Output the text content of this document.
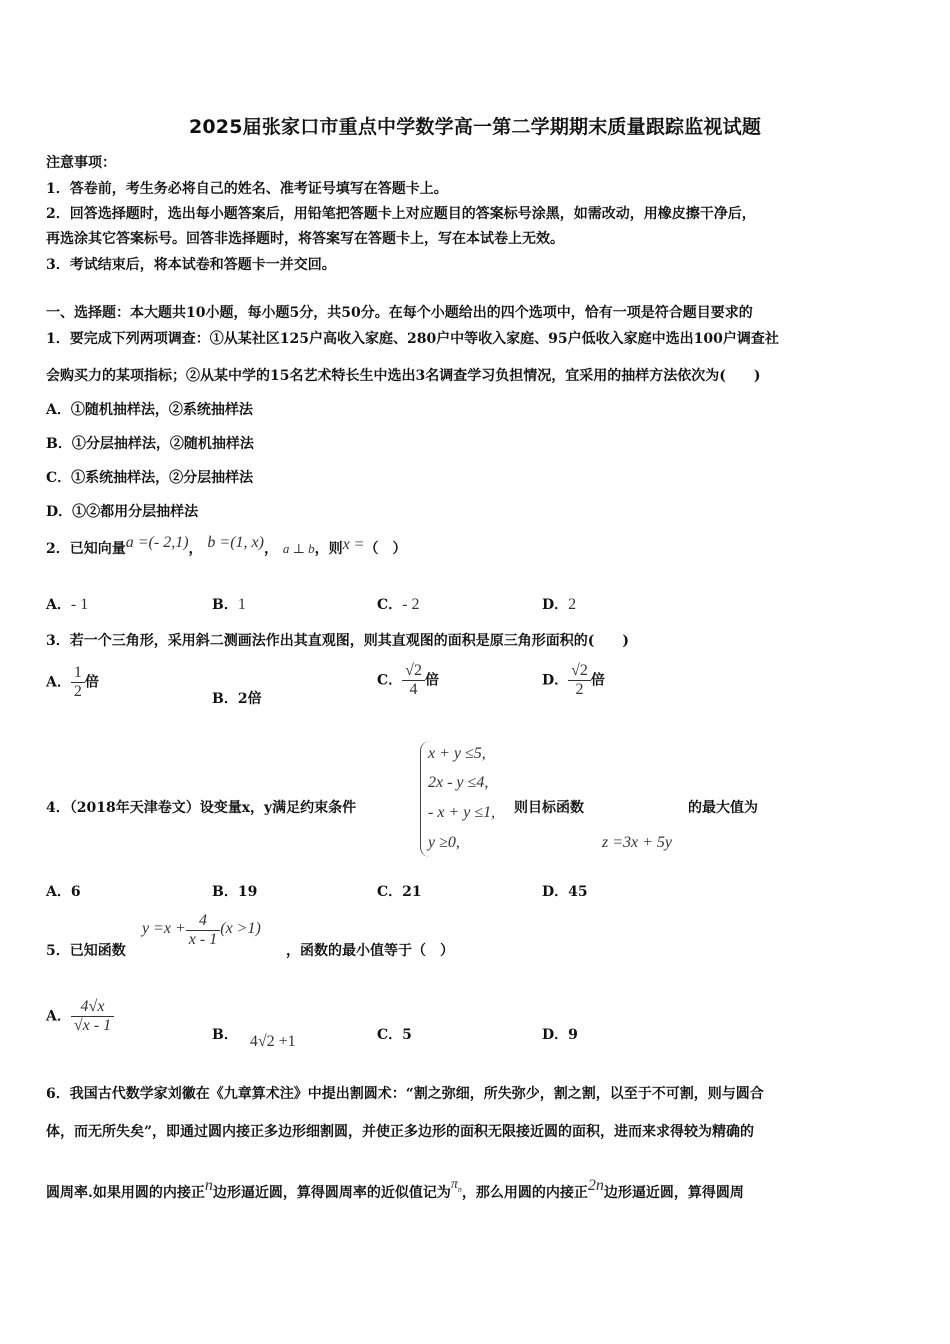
2025届张家口市重点中学数学高一第二学期期末质量跟踪监视试题
注意事项：
1．答卷前，考生务必将自己的姓名、准考证号填写在答题卡上。
2．回答选择题时，选出每小题答案后，用铅笔把答题卡上对应题目的答案标号涂黑，如需改动，用橡皮擦干净后，
再选涂其它答案标号。回答非选择题时，将答案写在答题卡上，写在本试卷上无效。
3．考试结束后，将本试卷和答题卡一并交回。
一、选择题：本大题共10小题，每小题5分，共50分。在每个小题给出的四个选项中，恰有一项是符合题目要求的
1．要完成下列两项调查：①从某社区125户高收入家庭、280户中等收入家庭、95户低收入家庭中选出100户调查社
会购买力的某项指标；②从某中学的15名艺术特长生中选出3名调查学习负担情况，宜采用的抽样方法依次为(　　)
A．①随机抽样法，②系统抽样法
B．①分层抽样法，②随机抽样法
C．①系统抽样法，②分层抽样法
D．①②都用分层抽样法
2．已知向量a =(- 2,1)， b =(1, x)， a ⊥ b，则x =（　）
A．- 1	B．1	C．- 2	D．2
3．若一个三角形，采用斜二测画法作出其直观图，则其直观图的面积是原三角形面积的(　　)
A． $\frac{1}{2}$ 倍
B．2倍
C． $\frac{√2}{4}$ 倍	D． $\frac{√2}{2}$ 倍
4．（2018年天津卷文）设变量x，y满足约束条件
x + y ≤5,
2x - y ≤4,
- x + y ≤1,
y ≥0,
则目标函数
z =3x + 5y
的最大值为
A．6	B．19	C．21	D．45
5．已知函数
$y =x + \frac{4}{x - 1} (x >1)$
，函数的最小值等于（　）
A． $\frac{4√x}{√x - 1}$	B． 4√2 +1	C．5	D．9
6．我国古代数学家刘徽在《九章算术注》中提出割圆术：“割之弥细，所失弥少，割之割，以至于不可割，则与圆合
体，而无所失矣”，即通过圆内接正多边形细割圆，并使正多边形的面积无限接近圆的面积，进而来求得较为精确的
圆周率.如果用圆的内接正n边形逼近圆，算得圆周率的近似值记为$\pi_n$，那么用圆的内接正2n边形逼近圆，算得圆周
